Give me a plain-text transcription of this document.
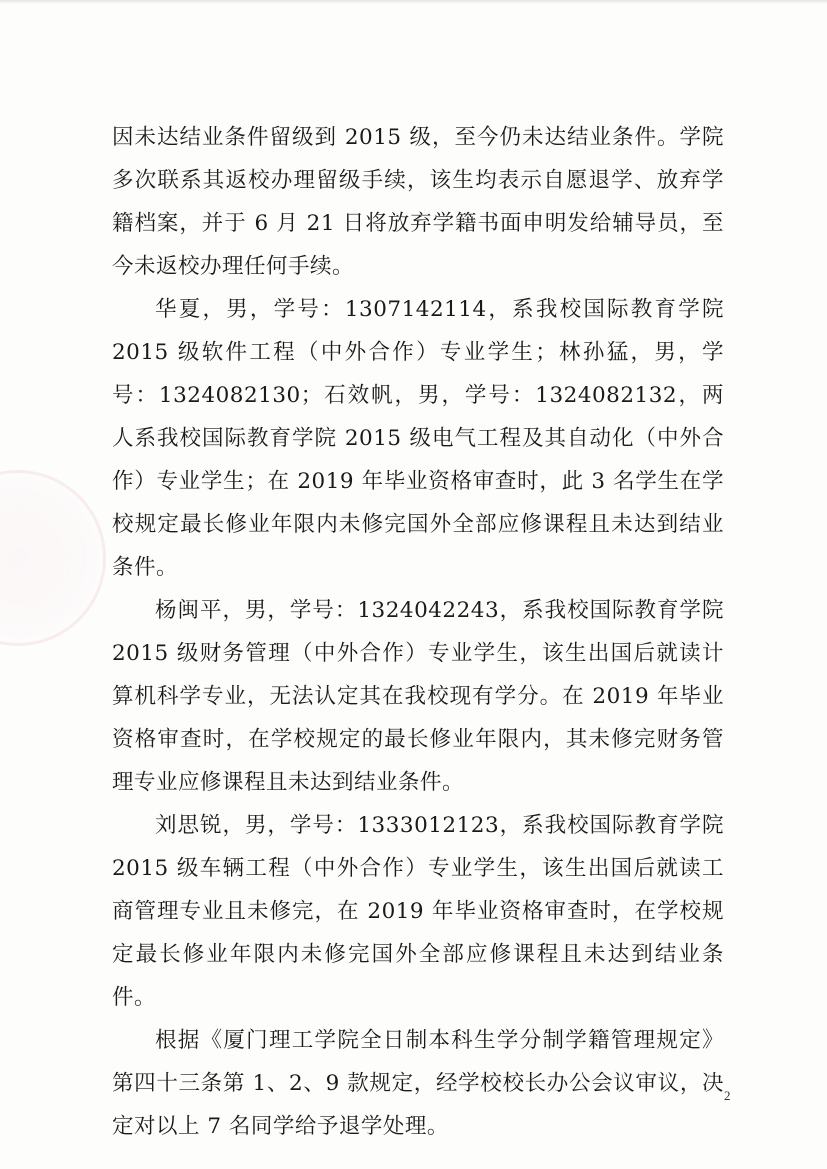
因未达结业条件留级到 2015 级，至今仍未达结业条件。学院多次联系其返校办理留级手续，该生均表示自愿退学、放弃学籍档案，并于 6 月 21 日将放弃学籍书面申明发给辅导员，至今未返校办理任何手续。

华夏，男，学号：1307142114，系我校国际教育学院 2015 级软件工程（中外合作）专业学生；林孙猛，男，学号：1324082130；石效帆，男，学号：1324082132，两人系我校国际教育学院 2015 级电气工程及其自动化（中外合作）专业学生；在 2019 年毕业资格审查时，此 3 名学生在学校规定最长修业年限内未修完国外全部应修课程且未达到结业条件。

杨闽平，男，学号：1324042243，系我校国际教育学院 2015 级财务管理（中外合作）专业学生，该生出国后就读计算机科学专业，无法认定其在我校现有学分。在 2019 年毕业资格审查时，在学校规定的最长修业年限内，其未修完财务管理专业应修课程且未达到结业条件。

刘思锐，男，学号：1333012123，系我校国际教育学院 2015 级车辆工程（中外合作）专业学生，该生出国后就读工商管理专业且未修完，在 2019 年毕业资格审查时，在学校规定最长修业年限内未修完国外全部应修课程且未达到结业条件。

根据《厦门理工学院全日制本科生学分制学籍管理规定》第四十三条第 1、2、9 款规定，经学校校长办公会议审议，决定对以上 7 名同学给予退学处理。

2
